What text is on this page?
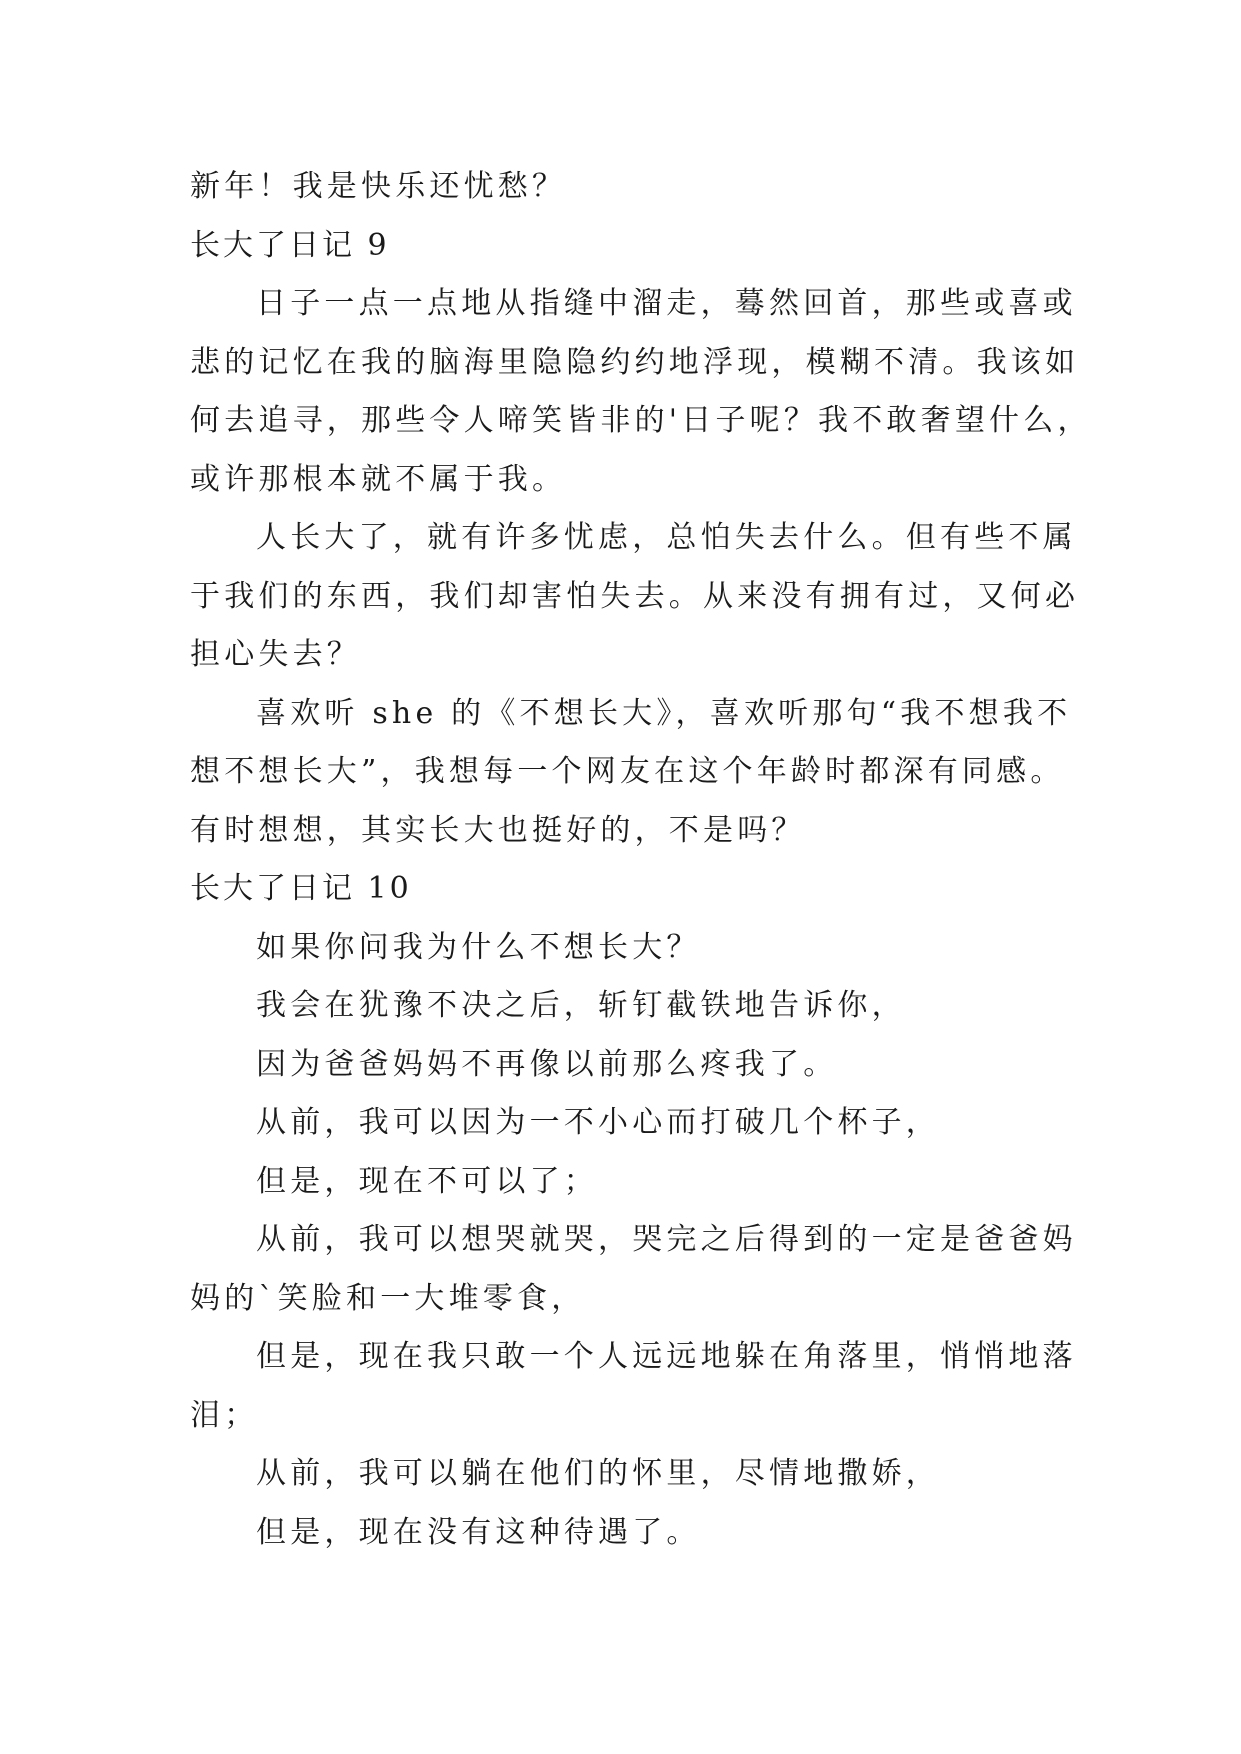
新年！我是快乐还忧愁？
长大了日记 9
日子一点一点地从指缝中溜走，蓦然回首，那些或喜或
悲的记忆在我的脑海里隐隐约约地浮现，模糊不清。我该如
何去追寻，那些令人啼笑皆非的'日子呢？我不敢奢望什么，
或许那根本就不属于我。
人长大了，就有许多忧虑，总怕失去什么。但有些不属
于我们的东西，我们却害怕失去。从来没有拥有过，又何必
担心失去？
喜欢听 she 的《不想长大》，喜欢听那句“我不想我不
想不想长大”，我想每一个网友在这个年龄时都深有同感。
有时想想，其实长大也挺好的，不是吗？
长大了日记 10
如果你问我为什么不想长大？
我会在犹豫不决之后，斩钉截铁地告诉你，
因为爸爸妈妈不再像以前那么疼我了。
从前，我可以因为一不小心而打破几个杯子，
但是，现在不可以了；
从前，我可以想哭就哭，哭完之后得到的一定是爸爸妈
妈的`笑脸和一大堆零食，
但是，现在我只敢一个人远远地躲在角落里，悄悄地落
泪；
从前，我可以躺在他们的怀里，尽情地撒娇，
但是，现在没有这种待遇了。
